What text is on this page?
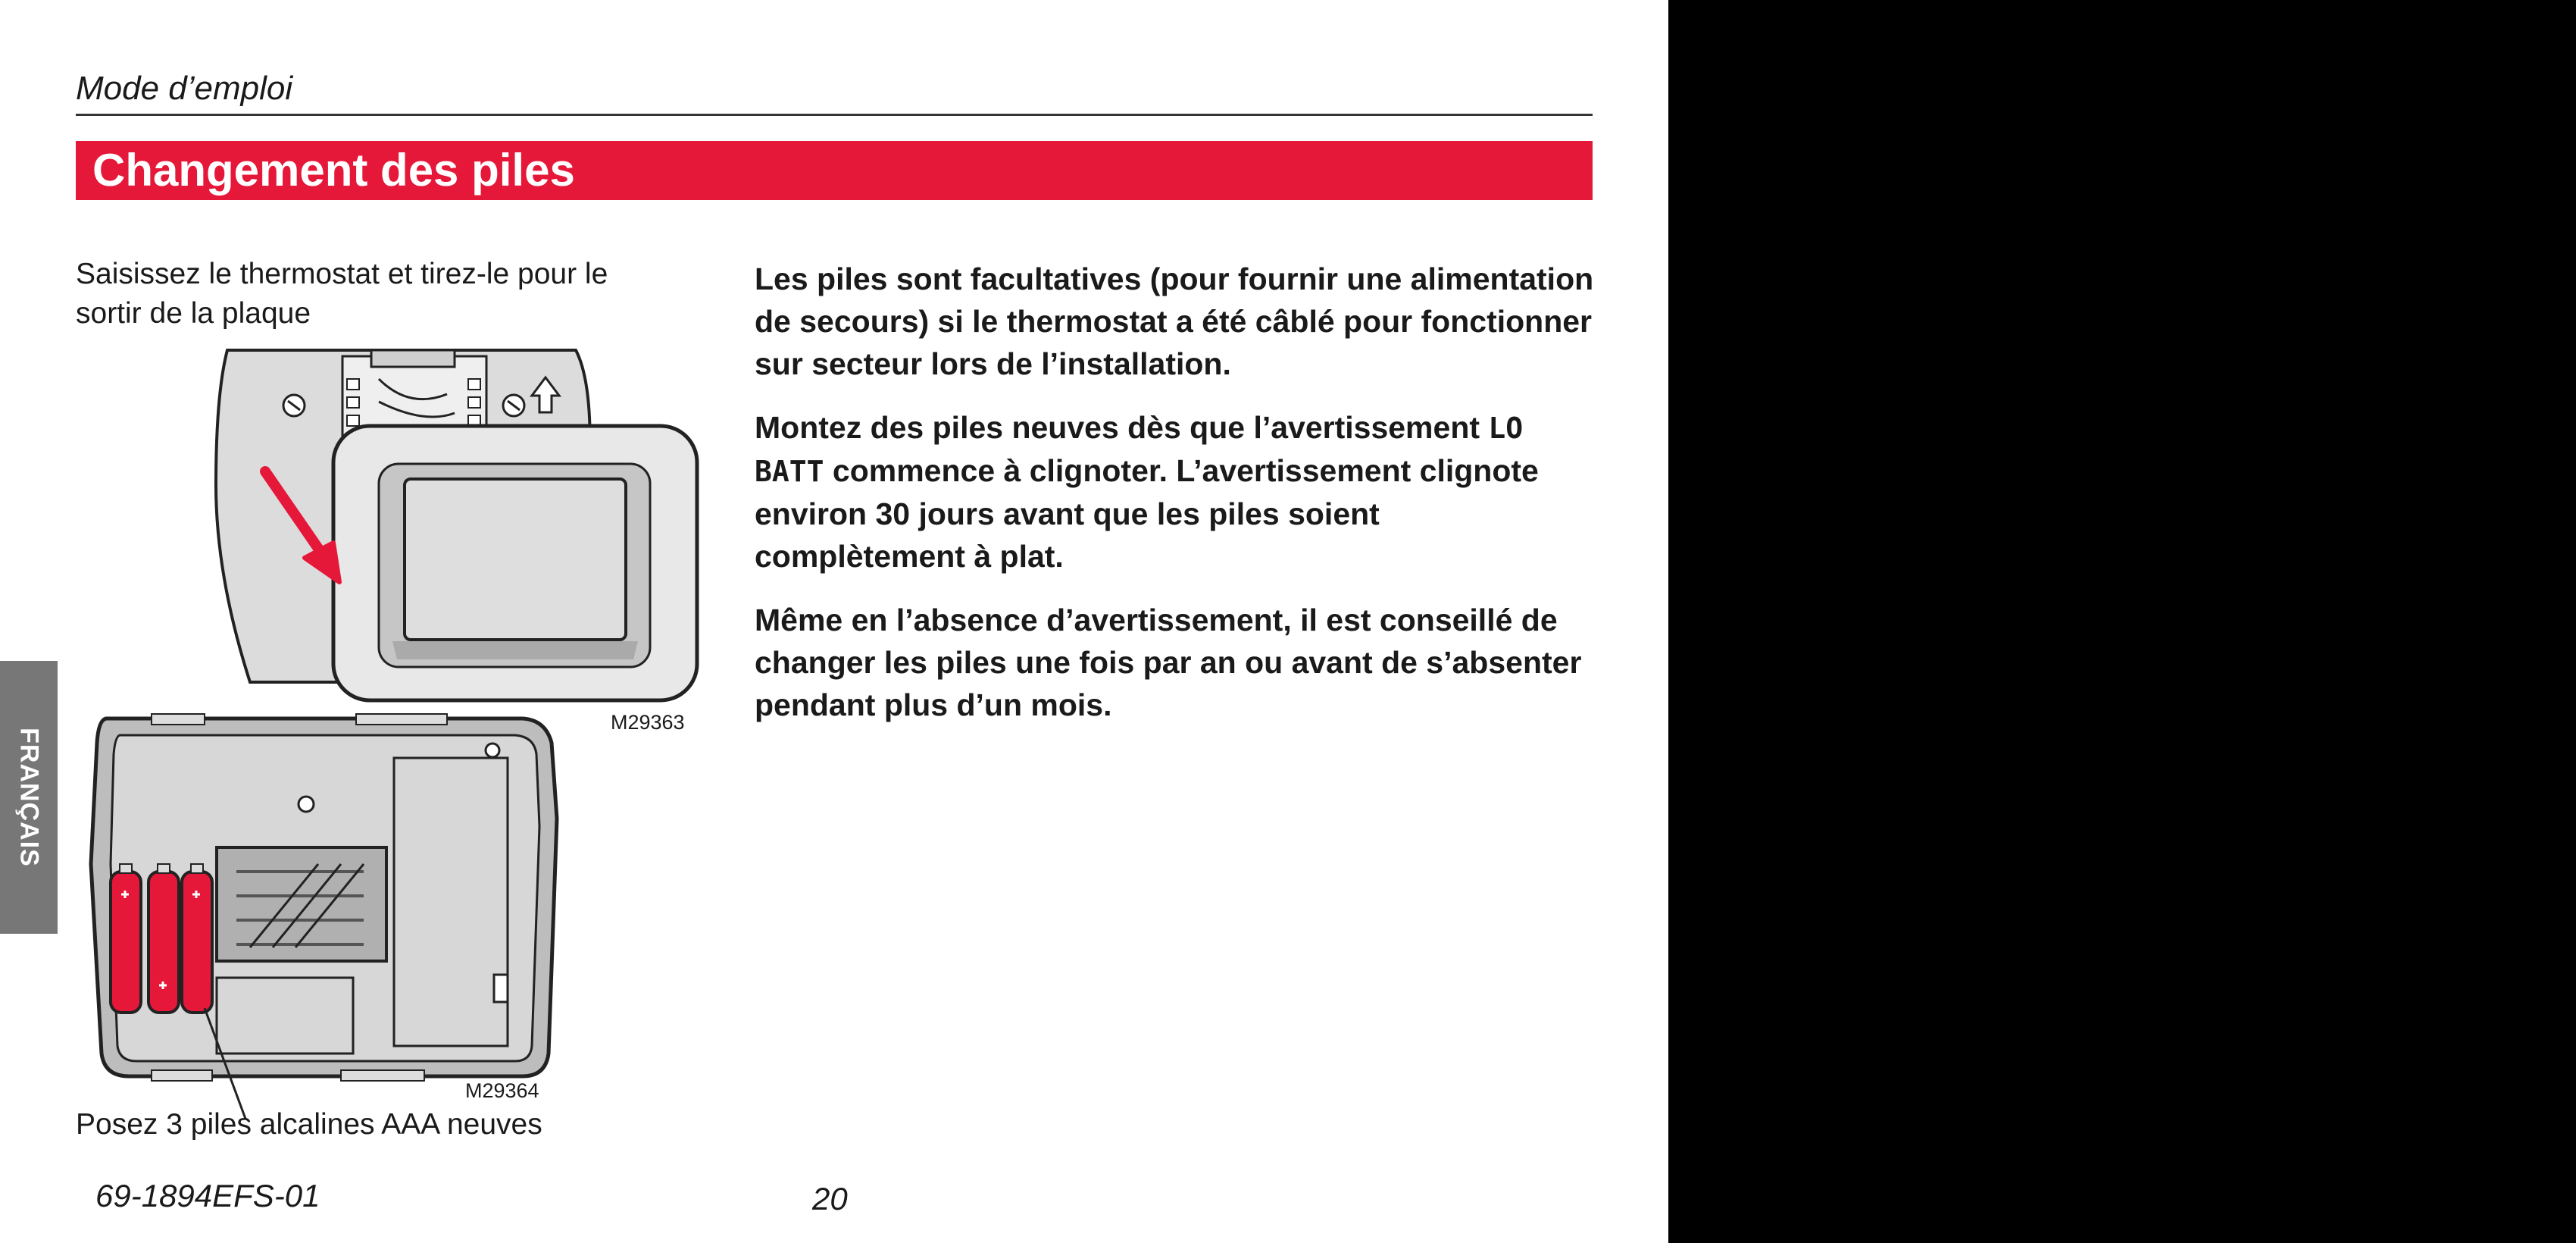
Mode d’emploi
Changement des piles
Saisissez le thermostat et tirez-le pour le sortir de la plaque
M29363
M29364
Posez 3 piles alcalines AAA neuves

Les piles sont facultatives (pour fournir une alimentation de secours) si le thermostat a été câblé pour fonctionner sur secteur lors de l’installation.

Montez des piles neuves dès que l’avertissement LO BATT commence à clignoter. L’avertissement clignote environ 30 jours avant que les piles soient complètement à plat.

Même en l’absence d’avertissement, il est conseillé de changer les piles une fois par an ou avant de s’absenter pendant plus d’un mois.

FRANÇAIS
69-1894EFS-01	20
